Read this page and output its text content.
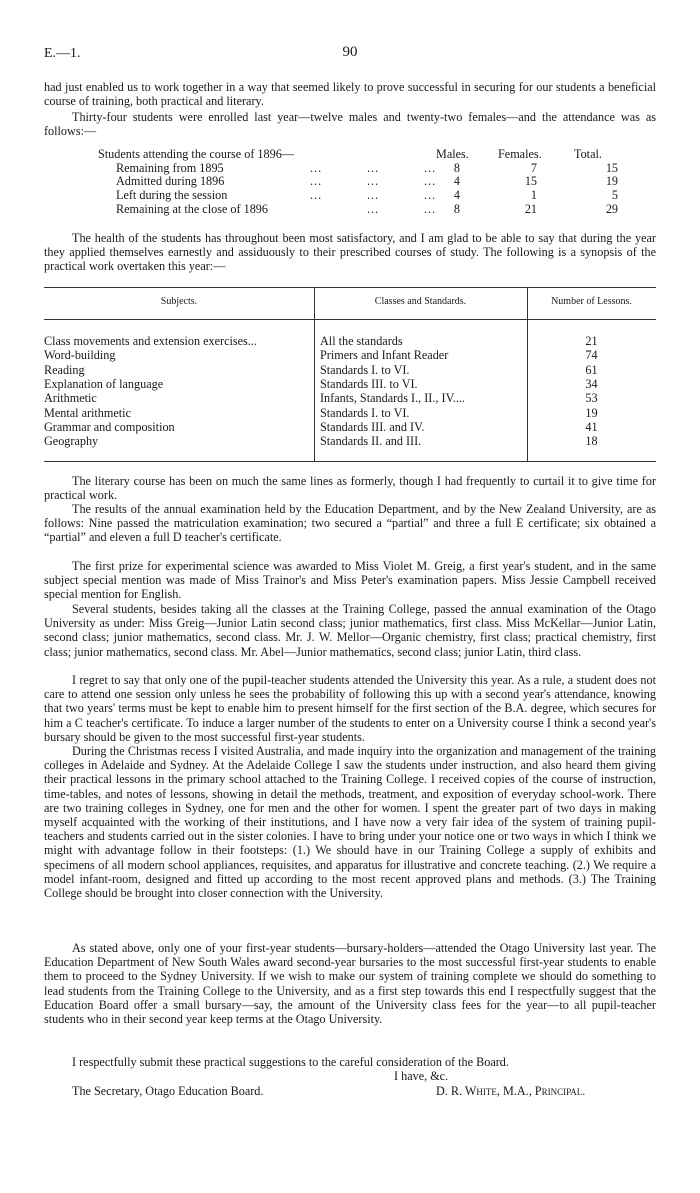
E.—1.	90
had just enabled us to work together in a way that seemed likely to prove successful in securing for our students a beneficial course of training, both practical and literary.
Thirty-four students were enrolled last year—twelve males and twenty-two females—and the attendance was as follows:—
Students attending the course of 1896—	Males.	Females.	Total.
Remaining from 1895	...	...	...	8	7	15
Admitted during 1896	...	...	...	4	15	19
Left during the session	...	...	...	4	1	5
Remaining at the close of 1896	...	...	8	21	29
The health of the students has throughout been most satisfactory, and I am glad to be able to say that during the year they applied themselves earnestly and assiduously to their prescribed courses of study. The following is a synopsis of the practical work overtaken this year:—
Subjects.	Classes and Standards.	Number of Lessons.
Class movements and extension exercises...	All the standards	21
Word-building	Primers and Infant Reader	74
Reading	Standards I. to VI.	61
Explanation of language	Standards III. to VI.	34
Arithmetic	Infants, Standards I., II., IV....	53
Mental arithmetic	Standards I. to VI.	19
Grammar and composition	Standards III. and IV.	41
Geography	Standards II. and III.	18
The literary course has been on much the same lines as formerly, though I had frequently to curtail it to give time for practical work.
The results of the annual examination held by the Education Department, and by the New Zealand University, are as follows: Nine passed the matriculation examination; two secured a “partial” and three a full E certificate; six obtained a “partial” and eleven a full D teacher's certificate.
The first prize for experimental science was awarded to Miss Violet M. Greig, a first year's student, and in the same subject special mention was made of Miss Trainor's and Miss Peter's examination papers. Miss Jessie Campbell received special mention for English.
Several students, besides taking all the classes at the Training College, passed the annual examination of the Otago University as under: Miss Greig—Junior Latin second class; junior mathematics, first class. Miss McKellar—Junior Latin, second class; junior mathematics, second class. Mr. J. W. Mellor—Organic chemistry, first class; practical chemistry, first class; junior mathematics, second class. Mr. Abel—Junior mathematics, second class; junior Latin, third class.
I regret to say that only one of the pupil-teacher students attended the University this year. As a rule, a student does not care to attend one session only unless he sees the probability of following this up with a second year's attendance, knowing that two years' terms must be kept to enable him to present himself for the first section of the B.A. degree, which secures for him a C teacher's certificate. To induce a larger number of the students to enter on a University course I think a second year's bursary should be given to the most successful first-year students.
During the Christmas recess I visited Australia, and made inquiry into the organization and management of the training colleges in Adelaide and Sydney. At the Adelaide College I saw the students under instruction, and also heard them giving their practical lessons in the primary school attached to the Training College. I received copies of the course of instruction, time-tables, and notes of lessons, showing in detail the methods, treatment, and exposition of everyday school-work. There are two training colleges in Sydney, one for men and the other for women. I spent the greater part of two days in making myself acquainted with the working of their institutions, and I have now a very fair idea of the system of training pupil-teachers and students carried out in the sister colonies. I have to bring under your notice one or two ways in which I think we might with advantage follow in their footsteps: (1.) We should have in our Training College a supply of exhibits and specimens of all modern school appliances, requisites, and apparatus for illustrative and concrete teaching. (2.) We require a model infant-room, designed and fitted up according to the most recent approved plans and methods. (3.) The Training College should be brought into closer connection with the University.
As stated above, only one of your first-year students—bursary-holders—attended the Otago University last year. The Education Department of New South Wales award second-year bursaries to the most successful first-year students to enable them to proceed to the Sydney University. If we wish to make our system of training complete we should do something to lead students from the Training College to the University, and as a first step towards this end I respectfully suggest that the Education Board offer a small bursary—say, the amount of the University class fees for the year—to all pupil-teacher students who in their second year keep terms at the Otago University.
I respectfully submit these practical suggestions to the careful consideration of the Board.
I have, &c.
The Secretary, Otago Education Board.	D. R. White, M.A., Principal.
